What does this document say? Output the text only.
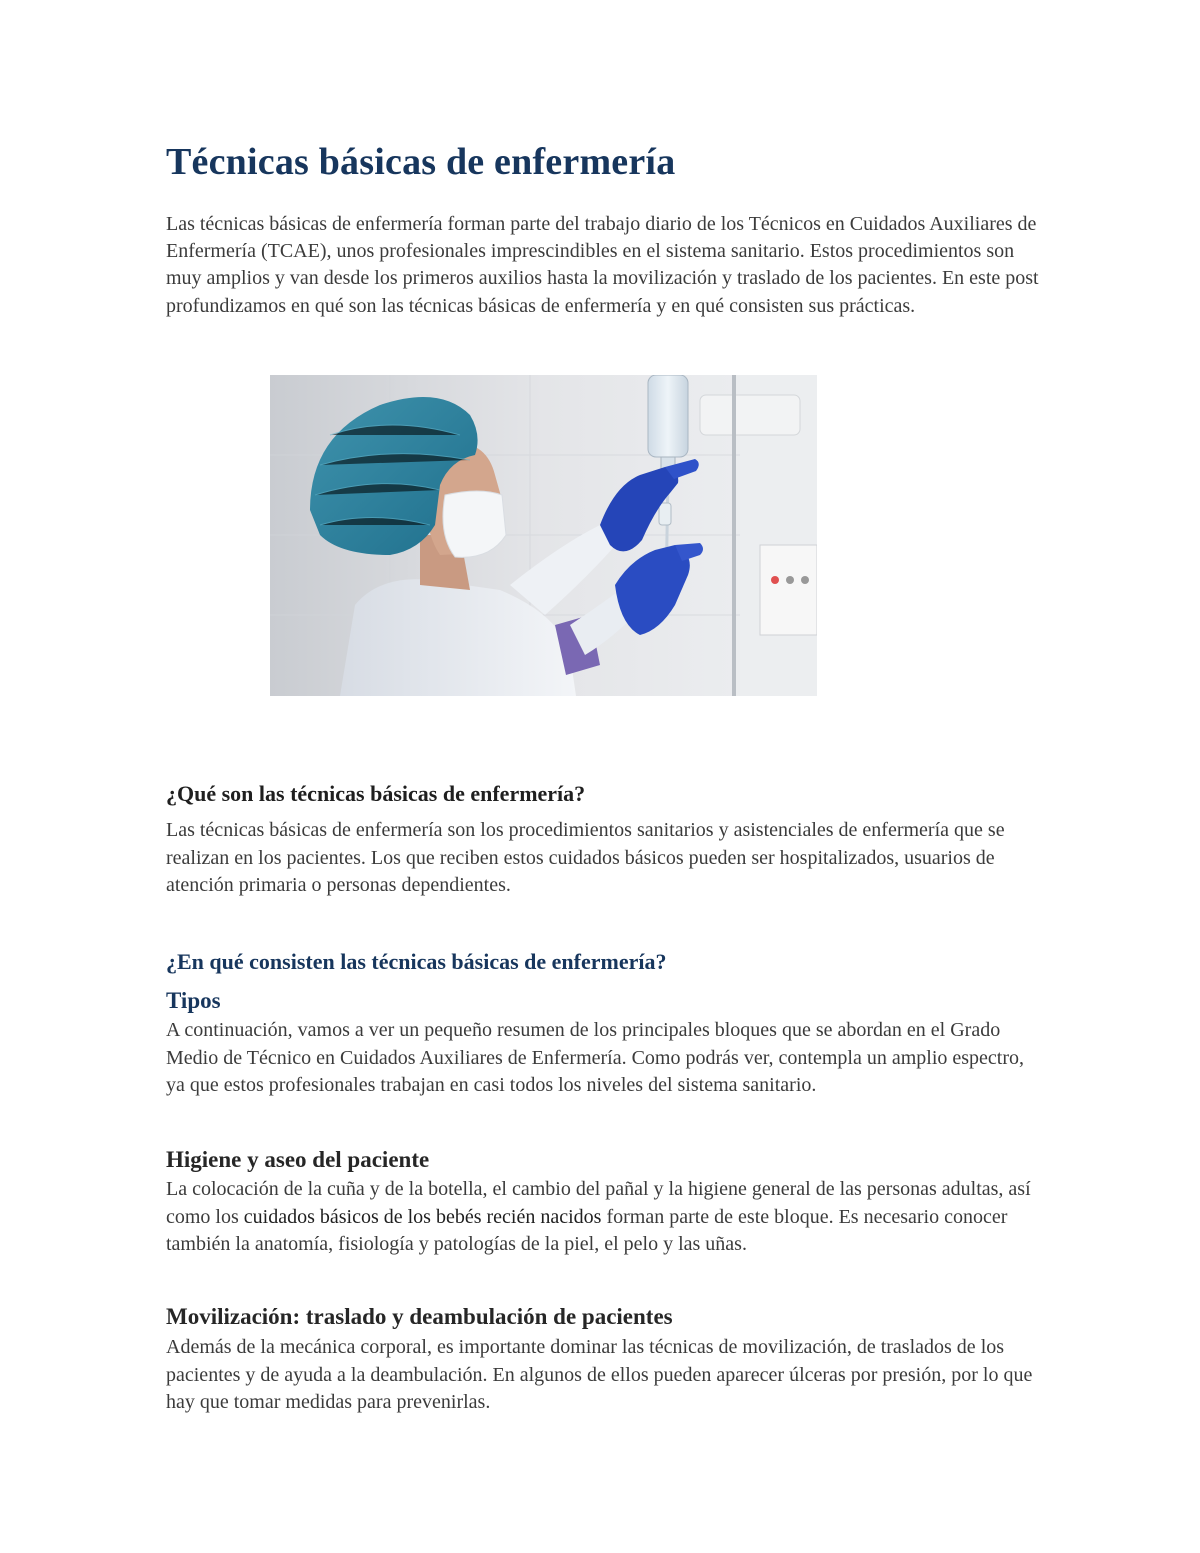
Técnicas básicas de enfermería

Las técnicas básicas de enfermería forman parte del trabajo diario de los Técnicos en Cuidados Auxiliares de Enfermería (TCAE), unos profesionales imprescindibles en el sistema sanitario. Estos procedimientos son muy amplios y van desde los primeros auxilios hasta la movilización y traslado de los pacientes. En este post profundizamos en qué son las técnicas básicas de enfermería y en qué consisten sus prácticas.

¿Qué son las técnicas básicas de enfermería?

Las técnicas básicas de enfermería son los procedimientos sanitarios y asistenciales de enfermería que se realizan en los pacientes. Los que reciben estos cuidados básicos pueden ser hospitalizados, usuarios de atención primaria o personas dependientes.

¿En qué consisten las técnicas básicas de enfermería?
Tipos

A continuación, vamos a ver un pequeño resumen de los principales bloques que se abordan en el Grado Medio de Técnico en Cuidados Auxiliares de Enfermería. Como podrás ver, contempla un amplio espectro, ya que estos profesionales trabajan en casi todos los niveles del sistema sanitario.

Higiene y aseo del paciente

La colocación de la cuña y de la botella, el cambio del pañal y la higiene general de las personas adultas, así como los cuidados básicos de los bebés recién nacidos forman parte de este bloque. Es necesario conocer también la anatomía, fisiología y patologías de la piel, el pelo y las uñas.

Movilización: traslado y deambulación de pacientes

Además de la mecánica corporal, es importante dominar las técnicas de movilización, de traslados de los pacientes y de ayuda a la deambulación. En algunos de ellos pueden aparecer úlceras por presión, por lo que hay que tomar medidas para prevenirlas.
